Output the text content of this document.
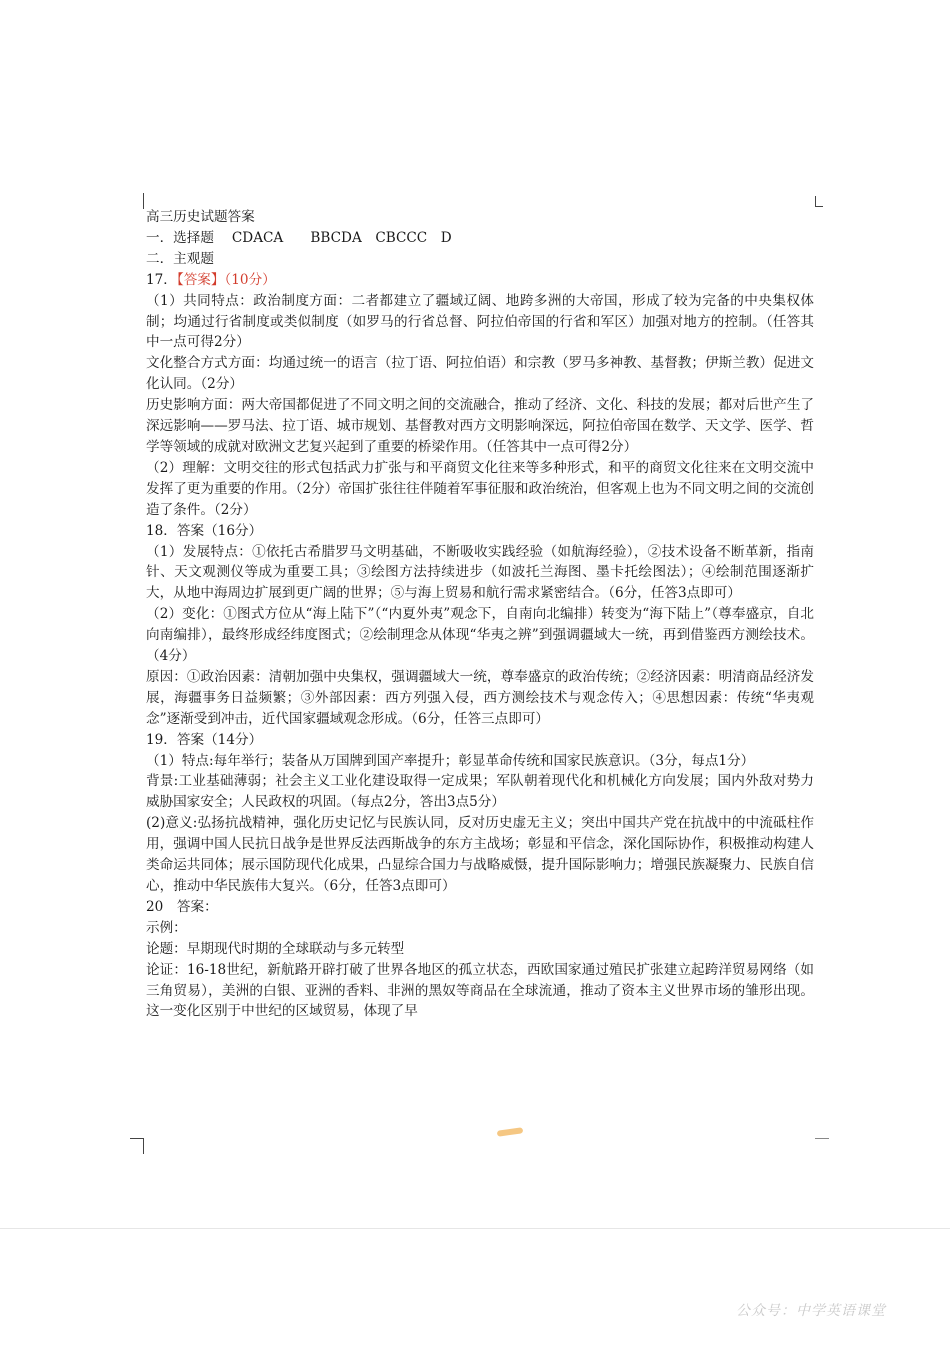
高三历史试题答案

一．选择题　 CDACA　　BBCDA　CBCCC　D

二．主观题

17．【答案】（10分）

（1）共同特点：政治制度方面：二者都建立了疆域辽阔、地跨多洲的大帝国，形成了较为完备的中央集权体制；均通过行省制度或类似制度（如罗马的行省总督、阿拉伯帝国的行省和军区）加强对地方的控制。（任答其中一点可得2分）

文化整合方式方面：均通过统一的语言（拉丁语、阿拉伯语）和宗教（罗马多神教、基督教；伊斯兰教）促进文化认同。（2分）

历史影响方面：两大帝国都促进了不同文明之间的交流融合，推动了经济、文化、科技的发展；都对后世产生了深远影响——罗马法、拉丁语、城市规划、基督教对西方文明影响深远，阿拉伯帝国在数学、天文学、医学、哲学等领域的成就对欧洲文艺复兴起到了重要的桥梁作用。（任答其中一点可得2分）

（2）理解：文明交往的形式包括武力扩张与和平商贸文化往来等多种形式，和平的商贸文化往来在文明交流中发挥了更为重要的作用。（2分）帝国扩张往往伴随着军事征服和政治统治，但客观上也为不同文明之间的交流创造了条件。（2分）

18．答案（16分）

（1）发展特点：①依托古希腊罗马文明基础，不断吸收实践经验（如航海经验），②技术设备不断革新，指南针、天文观测仪等成为重要工具；③绘图方法持续进步（如波托兰海图、墨卡托绘图法）；④绘制范围逐渐扩大，从地中海周边扩展到更广阔的世界；⑤与海上贸易和航行需求紧密结合。（6分，任答3点即可）

（2）变化：①图式方位从“海上陆下”（“内夏外夷”观念下，自南向北编排）转变为“海下陆上”（尊奉盛京，自北向南编排），最终形成经纬度图式；②绘制理念从体现“华夷之辨”到强调疆域大一统，再到借鉴西方测绘技术。（4分）

原因：①政治因素：清朝加强中央集权，强调疆域大一统，尊奉盛京的政治传统；②经济因素：明清商品经济发展，海疆事务日益频繁；③外部因素：西方列强入侵，西方测绘技术与观念传入；④思想因素：传统“华夷观念”逐渐受到冲击，近代国家疆域观念形成。（6分，任答三点即可）

19．答案（14分）

（1）特点:每年举行；装备从万国牌到国产率提升；彰显革命传统和国家民族意识。（3分，每点1分）

背景:工业基础薄弱；社会主义工业化建设取得一定成果；军队朝着现代化和机械化方向发展；国内外敌对势力威胁国家安全；人民政权的巩固。（每点2分，答出3点5分）

(2)意义:弘扬抗战精神，强化历史记忆与民族认同，反对历史虚无主义；突出中国共产党在抗战中的中流砥柱作用，强调中国人民抗日战争是世界反法西斯战争的东方主战场；彰显和平信念，深化国际协作，积极推动构建人类命运共同体；展示国防现代化成果，凸显综合国力与战略威慑，提升国际影响力；增强民族凝聚力、民族自信心，推动中华民族伟大复兴。（6分，任答3点即可）

20　答案：

示例：

论题：早期现代时期的全球联动与多元转型

论证：16-18世纪，新航路开辟打破了世界各地区的孤立状态，西欧国家通过殖民扩张建立起跨洋贸易网络（如三角贸易），美洲的白银、亚洲的香料、非洲的黑奴等商品在全球流通，推动了资本主义世界市场的雏形出现。这一变化区别于中世纪的区域贸易，体现了早

公众号：中学英语课堂
